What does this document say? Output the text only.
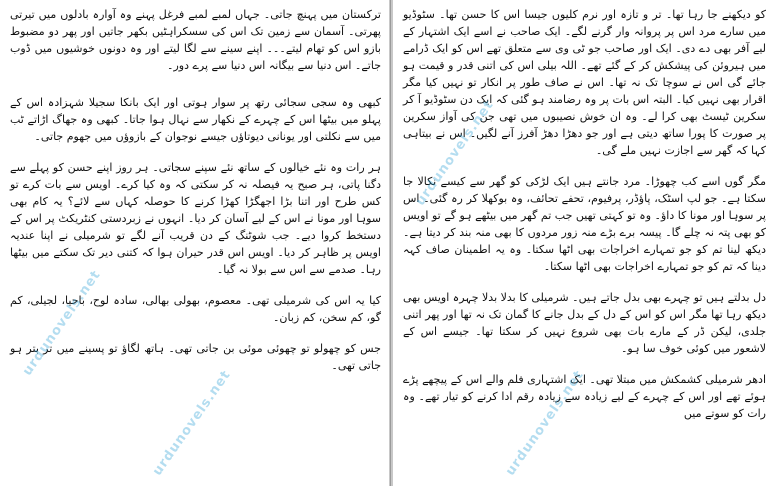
ترکستان میں پہنچ جاتی۔ جہاں لمبے لمبے فرغل پہنے وہ آوارہ بادلوں میں تیرتی پھرتی۔ آسمان سے زمین تک اس کی سسکراہٹیں بکھر جاتیں اور پھر دو مضبوط بازو اس کو تھام لیتے۔۔۔ اپنے سینے سے لگا لیتے اور وہ دونوں خوشیوں میں ڈوب جاتے۔ اس دنیا سے بیگانہ اس دنیا سے پرے دور۔

کبھی وہ سجی سجائی رتھ پر سوار ہوتی اور ایک بانکا سجیلا شہزادہ اس کے پہلو میں بیٹھا اس کے چہرے کے نکھار سے نہال ہوا جاتا۔ کبھی وہ جھاگ اڑاتے ٹب میں سے نکلتی اور یونانی دیوتاؤں جیسے نوجوان کے بازوؤں میں جھوم جاتی۔

ہر رات وہ نئے خیالوں کے ساتھ نئے سپنے سجاتی۔ ہر روز اپنے حسن کو پہلے سے دگنا پاتی، ہر صبح یہ فیصلہ نہ کر سکتی کہ وہ کیا کرے۔ اویس سے بات کرے تو کس طرح اور اتنا بڑا اجھگڑا کھڑا کرنے کا حوصلہ کہاں سے لائے؟ یہ کام بھی سوہا اور مونا نے اس کے لیے آسان کر دیا۔ انہوں نے زبردستی کنٹریکٹ پر اس کے دستخط کروا دیے۔ جب شوٹنگ کے دن قریب آنے لگے تو شرمیلی نے اپنا عندیہ اویس پر ظاہر کر دیا۔ اویس اس قدر حیران ہوا کہ کتنی دیر تک سکتے میں بیٹھا رہا۔ صدمے سے اس سے بولا نہ گیا۔

کیا یہ اس کی شرمیلی تھی۔ معصوم، بھولی بھالی، سادہ لوح، باحیا، لجیلی، کم گو، کم سخن، کم زبان۔

جس کو چھولو تو چھوئی موئی بن جاتی تھی۔ ہاتھ لگاؤ تو پسینے میں تر بتر ہو جاتی تھی۔

urdunovels.net
urdunovels.net

کو دیکھنے جا رہا تھا۔ تر و تازہ اور نرم کلیوں جیسا اس کا حسن تھا۔ سٹوڈیو میں سارے مرد اس پر پروانہ وار گرنے لگے۔ ایک صاحب نے اسے ایک اشتہار کے لیے آفر بھی دے دی۔ ایک اور صاحب جو ٹی وی سے متعلق تھے اس کو ایک ڈرامے میں ہیروئن کی پیشکش کر کے گئے تھے۔ اللہ بیلی اس کی اتنی قدر و قیمت ہو جائے گی اس نے سوچا تک نہ تھا۔ اس نے صاف طور پر انکار تو نہیں کیا مگر اقرار بھی نہیں کیا۔ البتہ اس بات پر وہ رضامند ہو گئی کہ ایک دن سٹوڈیو آ کر سکرین ٹیسٹ بھی کرا لے۔ وہ ان خوش نصیبوں میں تھی جن کی آواز سکرین پر صورت کا پورا ساتھ دیتی ہے اور جو دھڑا دھڑ آفرز آنے لگیں۔ اس نے بیتاہی کہا کہ گھر سے اجازت نہیں ملے گی۔

مگر گوں اسے کب چھوڑا۔ مرد جانتے ہیں ایک لڑکی کو گھر سے کیسے نکالا جا سکتا ہے۔ جو لپ اسٹک، پاؤڈر، پرفیوم، تحفے تحائف، وہ بوکھلا کر رہ گئی۔ اس پر سوہا اور مونا کا داؤ۔ وہ تو کہتی تھیں جب تم گھر میں بیٹھے ہو گے تو اویس کو بھی پتہ نہ چلے گا۔ پیسہ برے بڑے منہ زور مردوں کا بھی منہ بند کر دیتا ہے۔ دیکھ لینا تم کو جو تمہارے اخراجات بھی اٹھا سکتا۔ وہ یہ اطمینان صاف کہہ دینا کہ تم کو جو تمہارے اخراجات بھی اٹھا سکتا۔

دل بدلتے ہیں تو چہرے بھی بدل جاتے ہیں۔ شرمیلی کا بدلا بدلا چہرہ اویس بھی دیکھ رہا تھا مگر اس کو اس کے دل کے بدل جانے کا گمان تک نہ تھا اور پھر اتنی جلدی، لیکن ڈر کے مارے بات بھی شروع نہیں کر سکتا تھا۔ جیسے اس کے لاشعور میں کوئی خوف سا ہو۔

ادھر شرمیلی کشمکش میں مبتلا تھی۔ ایک اشتہاری فلم والے اس کے پیچھے پڑے ہوئے تھے اور اس کے چہرے کے لیے زیادہ سے زیادہ رقم ادا کرنے کو تیار تھے۔ وہ رات کو سوتے میں

urdunovels.net
urdunovels.net
